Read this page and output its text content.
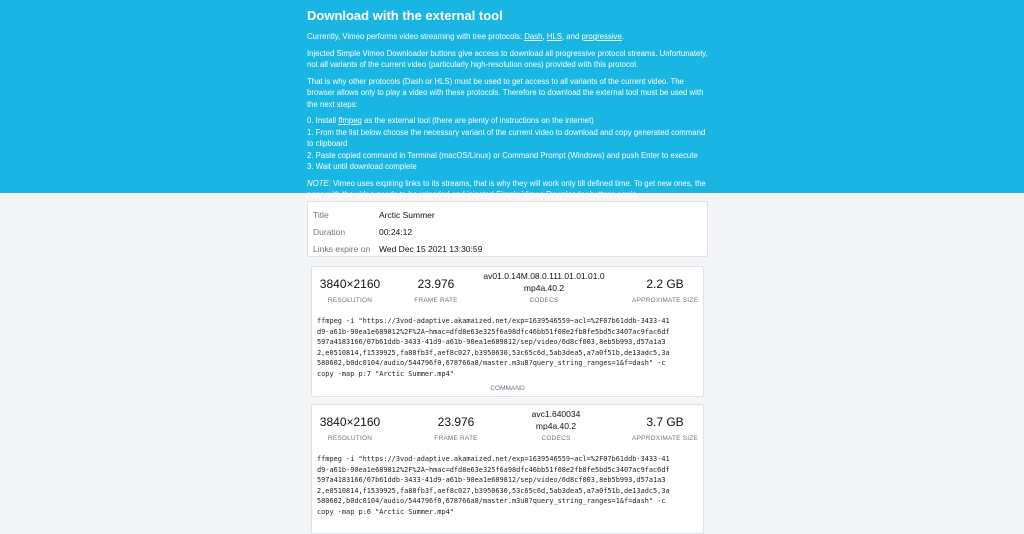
Download with the external tool

Currently, Vimeo performs video streaming with tree protocols: Dash, HLS, and progressive.

Injected Simple Vimeo Downloader buttons give access to download all progressive protocol streams. Unfortunately, not all variants of the current video (particularly high-resolution ones) provided with this protocol.

That is why other protocols (Dash or HLS) must be used to get access to all variants of the current video. The browser allows only to play a video with these protocols. Therefore to download the external tool must be used with the next steps:

0. Install ffmpeg as the external tool (there are plenty of instructions on the internet)

1. From the list below choose the necessary variant of the current video to download and copy generated command to clipboard

2. Paste copied command in Terminal (macOS/Linux) or Command Prompt (Windows) and push Enter to execute

3. Wait until download complete

NOTE: Vimeo uses expiring links to its streams, that is why they will work only till defined time. To get new ones, the page with the video needs to be reloaded and injected Simple Vimeo Downloader buttons again.

Title	Arctic Summer
Duration	00:24:12
Links expire on	Wed Dec 15 2021 13:30:59
3840×2160
RESOLUTION
23.976
FRAME RATE
av01.0.14M.08.0.111.01.01.01.0
mp4a.40.2
CODECS
2.2 GB
APPROXIMATE SIZE
ffmpeg -i "https://3vod-adaptive.akamaized.net/exp=1639546559~acl=%2F07b61ddb-3433-41
d9-a61b-90ea1e689812%2F%2A~hmac=dfd8e63e325f6a98dfc46bb51f08e2fb8fe5bd5c3407ac9fac6df
597a4183166/07b61ddb-3433-41d9-a61b-90ea1e689812/sep/video/6d8cf003,8eb5b993,d57a1a3
2,e0510814,f1539925,fa88fb3f,aef8c027,b3950630,53c65c6d,5ab3dea5,a7a0f51b,de13adc5,3a
580602,b0dc0104/audio/544796f0,678766a8/master.m3u8?query_string_ranges=1&f=dash" -c
copy -map p:7 "Arctic Summer.mp4"
COMMAND
3840×2160
RESOLUTION
23.976
FRAME RATE
avc1.640034
mp4a.40.2
CODECS
3.7 GB
APPROXIMATE SIZE
ffmpeg -i "https://3vod-adaptive.akamaized.net/exp=1639546559~acl=%2F07b61ddb-3433-41
d9-a61b-90ea1e689812%2F%2A~hmac=dfd8e63e325f6a98dfc46bb51f08e2fb8fe5bd5c3407ac9fac6df
597a4183166/07b61ddb-3433-41d9-a61b-90ea1e689812/sep/video/6d8cf003,8eb5b993,d57a1a3
2,e0510814,f1539925,fa88fb3f,aef8c027,b3950630,53c65c6d,5ab3dea5,a7a0f51b,de13adc5,3a
580602,b0dc0104/audio/544796f0,678766a8/master.m3u8?query_string_ranges=1&f=dash" -c
copy -map p:6 "Arctic Summer.mp4"
